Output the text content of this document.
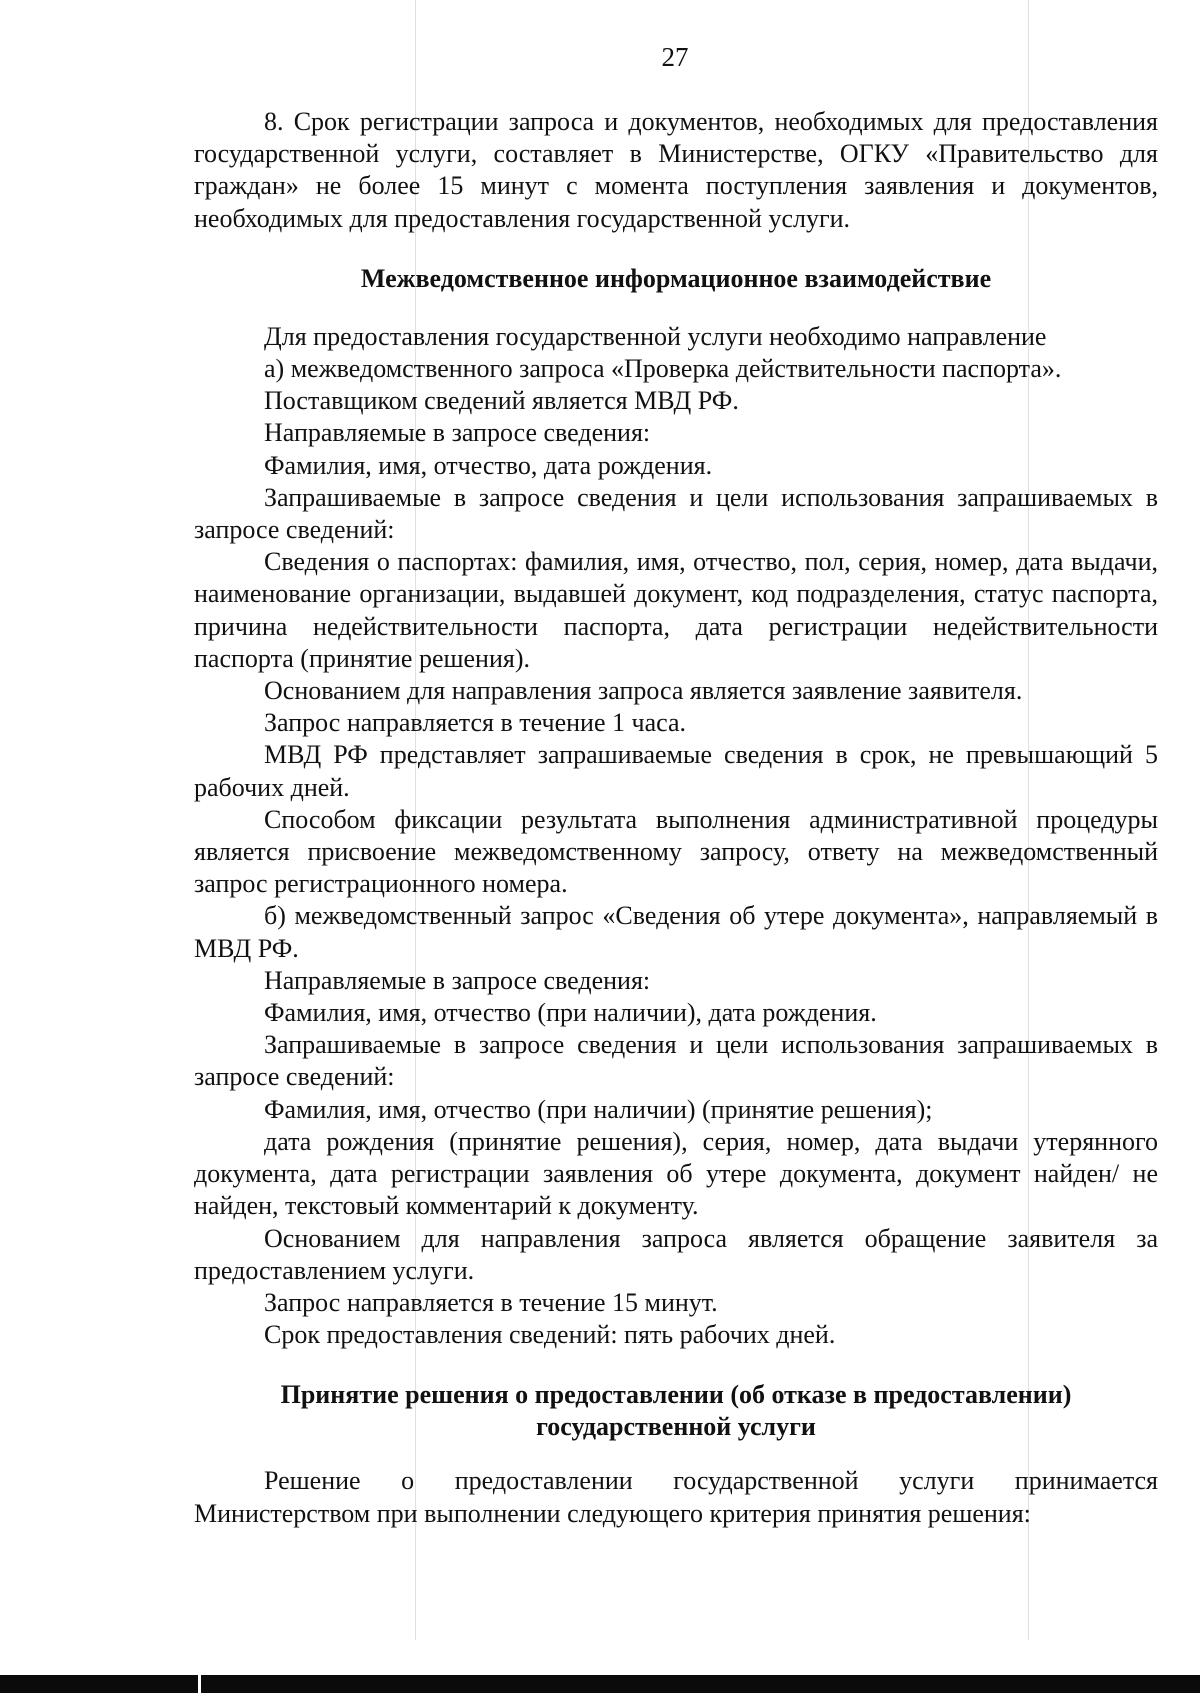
27

8. Срок регистрации запроса и документов, необходимых для предоставления государственной услуги, составляет в Министерстве, ОГКУ «Правительство для граждан» не более 15 минут с момента поступления заявления и документов, необходимых для предоставления государственной услуги.

Межведомственное информационное взаимодействие

Для предоставления государственной услуги необходимо направление

а) межведомственного запроса «Проверка действительности паспорта».

Поставщиком сведений является МВД РФ.

Направляемые в запросе сведения:

Фамилия, имя, отчество, дата рождения.

Запрашиваемые в запросе сведения и цели использования запрашиваемых в запросе сведений:

Сведения о паспортах: фамилия, имя, отчество, пол, серия, номер, дата выдачи, наименование организации, выдавшей документ, код подразделения, статус паспорта, причина недействительности паспорта, дата регистрации недействительности паспорта (принятие решения).

Основанием для направления запроса является заявление заявителя.

Запрос направляется в течение 1 часа.

МВД РФ представляет запрашиваемые сведения в срок, не превышающий 5 рабочих дней.

Способом фиксации результата выполнения административной процедуры является присвоение межведомственному запросу, ответу на межведомственный запрос регистрационного номера.

б) межведомственный запрос «Сведения об утере документа», направляемый в МВД РФ.

Направляемые в запросе сведения:

Фамилия, имя, отчество (при наличии), дата рождения.

Запрашиваемые в запросе сведения и цели использования запрашиваемых в запросе сведений:

Фамилия, имя, отчество (при наличии) (принятие решения);

дата рождения (принятие решения), серия, номер, дата выдачи утерянного документа, дата регистрации заявления об утере документа, документ найден/ не найден, текстовый комментарий к документу.

Основанием для направления запроса является обращение заявителя за предоставлением услуги.

Запрос направляется в течение 15 минут.

Срок предоставления сведений: пять рабочих дней.

Принятие решения о предоставлении (об отказе в предоставлении)
государственной услуги

Решение о предоставлении государственной услуги принимается Министерством при выполнении следующего критерия принятия решения:
